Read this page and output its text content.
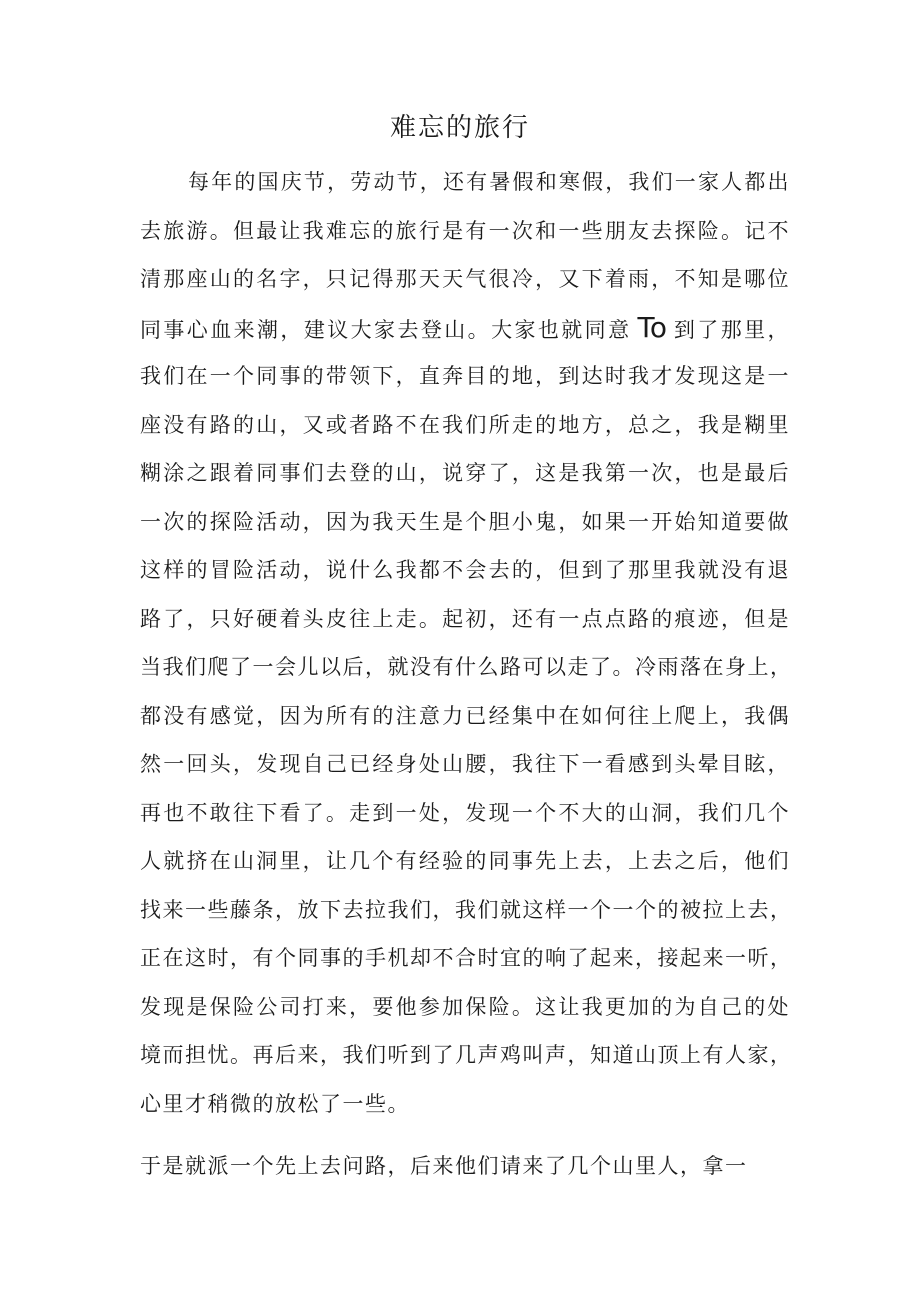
难忘的旅行
每年的国庆节，劳动节，还有暑假和寒假，我们一家人都出
去旅游。但最让我难忘的旅行是有一次和一些朋友去探险。记不
清那座山的名字，只记得那天天气很冷，又下着雨，不知是哪位
同事心血来潮，建议大家去登山。大家也就同意 To 到了那里，
我们在一个同事的带领下，直奔目的地，到达时我才发现这是一
座没有路的山，又或者路不在我们所走的地方，总之，我是糊里
糊涂之跟着同事们去登的山，说穿了，这是我第一次，也是最后
一次的探险活动，因为我天生是个胆小鬼，如果一开始知道要做
这样的冒险活动，说什么我都不会去的，但到了那里我就没有退
路了，只好硬着头皮往上走。起初，还有一点点路的痕迹，但是
当我们爬了一会儿以后，就没有什么路可以走了。冷雨落在身上，
都没有感觉，因为所有的注意力已经集中在如何往上爬上，我偶
然一回头，发现自己已经身处山腰，我往下一看感到头晕目眩，
再也不敢往下看了。走到一处，发现一个不大的山洞，我们几个
人就挤在山洞里，让几个有经验的同事先上去，上去之后，他们
找来一些藤条，放下去拉我们，我们就这样一个一个的被拉上去，
正在这时，有个同事的手机却不合时宜的响了起来，接起来一听，
发现是保险公司打来，要他参加保险。这让我更加的为自己的处
境而担忧。再后来，我们听到了几声鸡叫声，知道山顶上有人家，
心里才稍微的放松了一些。
于是就派一个先上去问路，后来他们请来了几个山里人，拿一
